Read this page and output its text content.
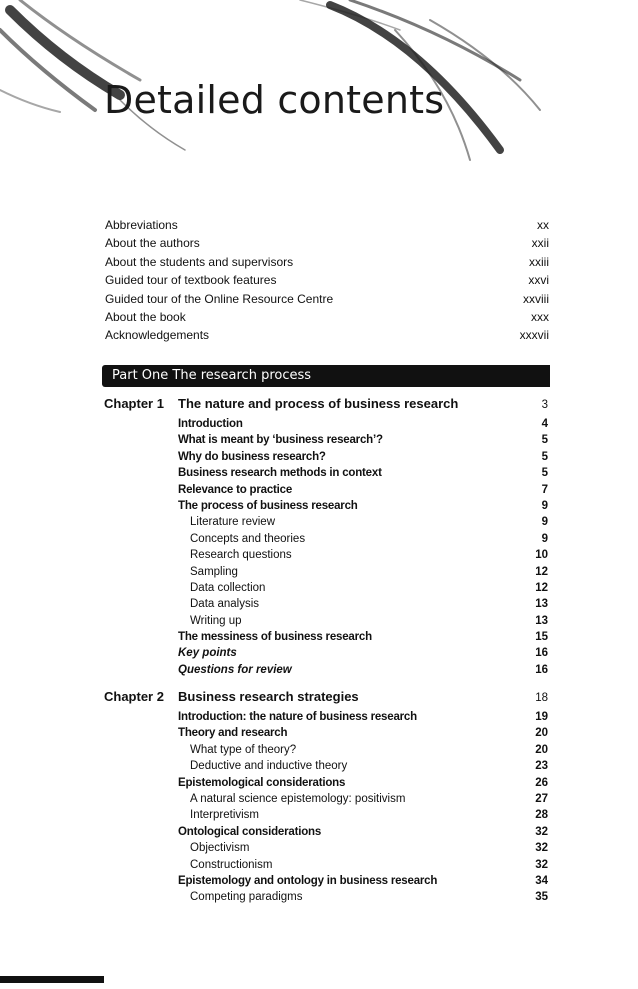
Detailed contents
Abbreviations	xx
About the authors	xxii
About the students and supervisors	xxiii
Guided tour of textbook features	xxvi
Guided tour of the Online Resource Centre	xxviii
About the book	xxx
Acknowledgements	xxxvii
Part One The research process
Chapter 1	The nature and process of business research	3
Introduction	4
What is meant by ‘business research’?	5
Why do business research?	5
Business research methods in context	5
Relevance to practice	7
The process of business research	9
Literature review	9
Concepts and theories	9
Research questions	10
Sampling	12
Data collection	12
Data analysis	13
Writing up	13
The messiness of business research	15
Key points	16
Questions for review	16
Chapter 2	Business research strategies	18
Introduction: the nature of business research	19
Theory and research	20
What type of theory?	20
Deductive and inductive theory	23
Epistemological considerations	26
A natural science epistemology: positivism	27
Interpretivism	28
Ontological considerations	32
Objectivism	32
Constructionism	32
Epistemology and ontology in business research	34
Competing paradigms	35
